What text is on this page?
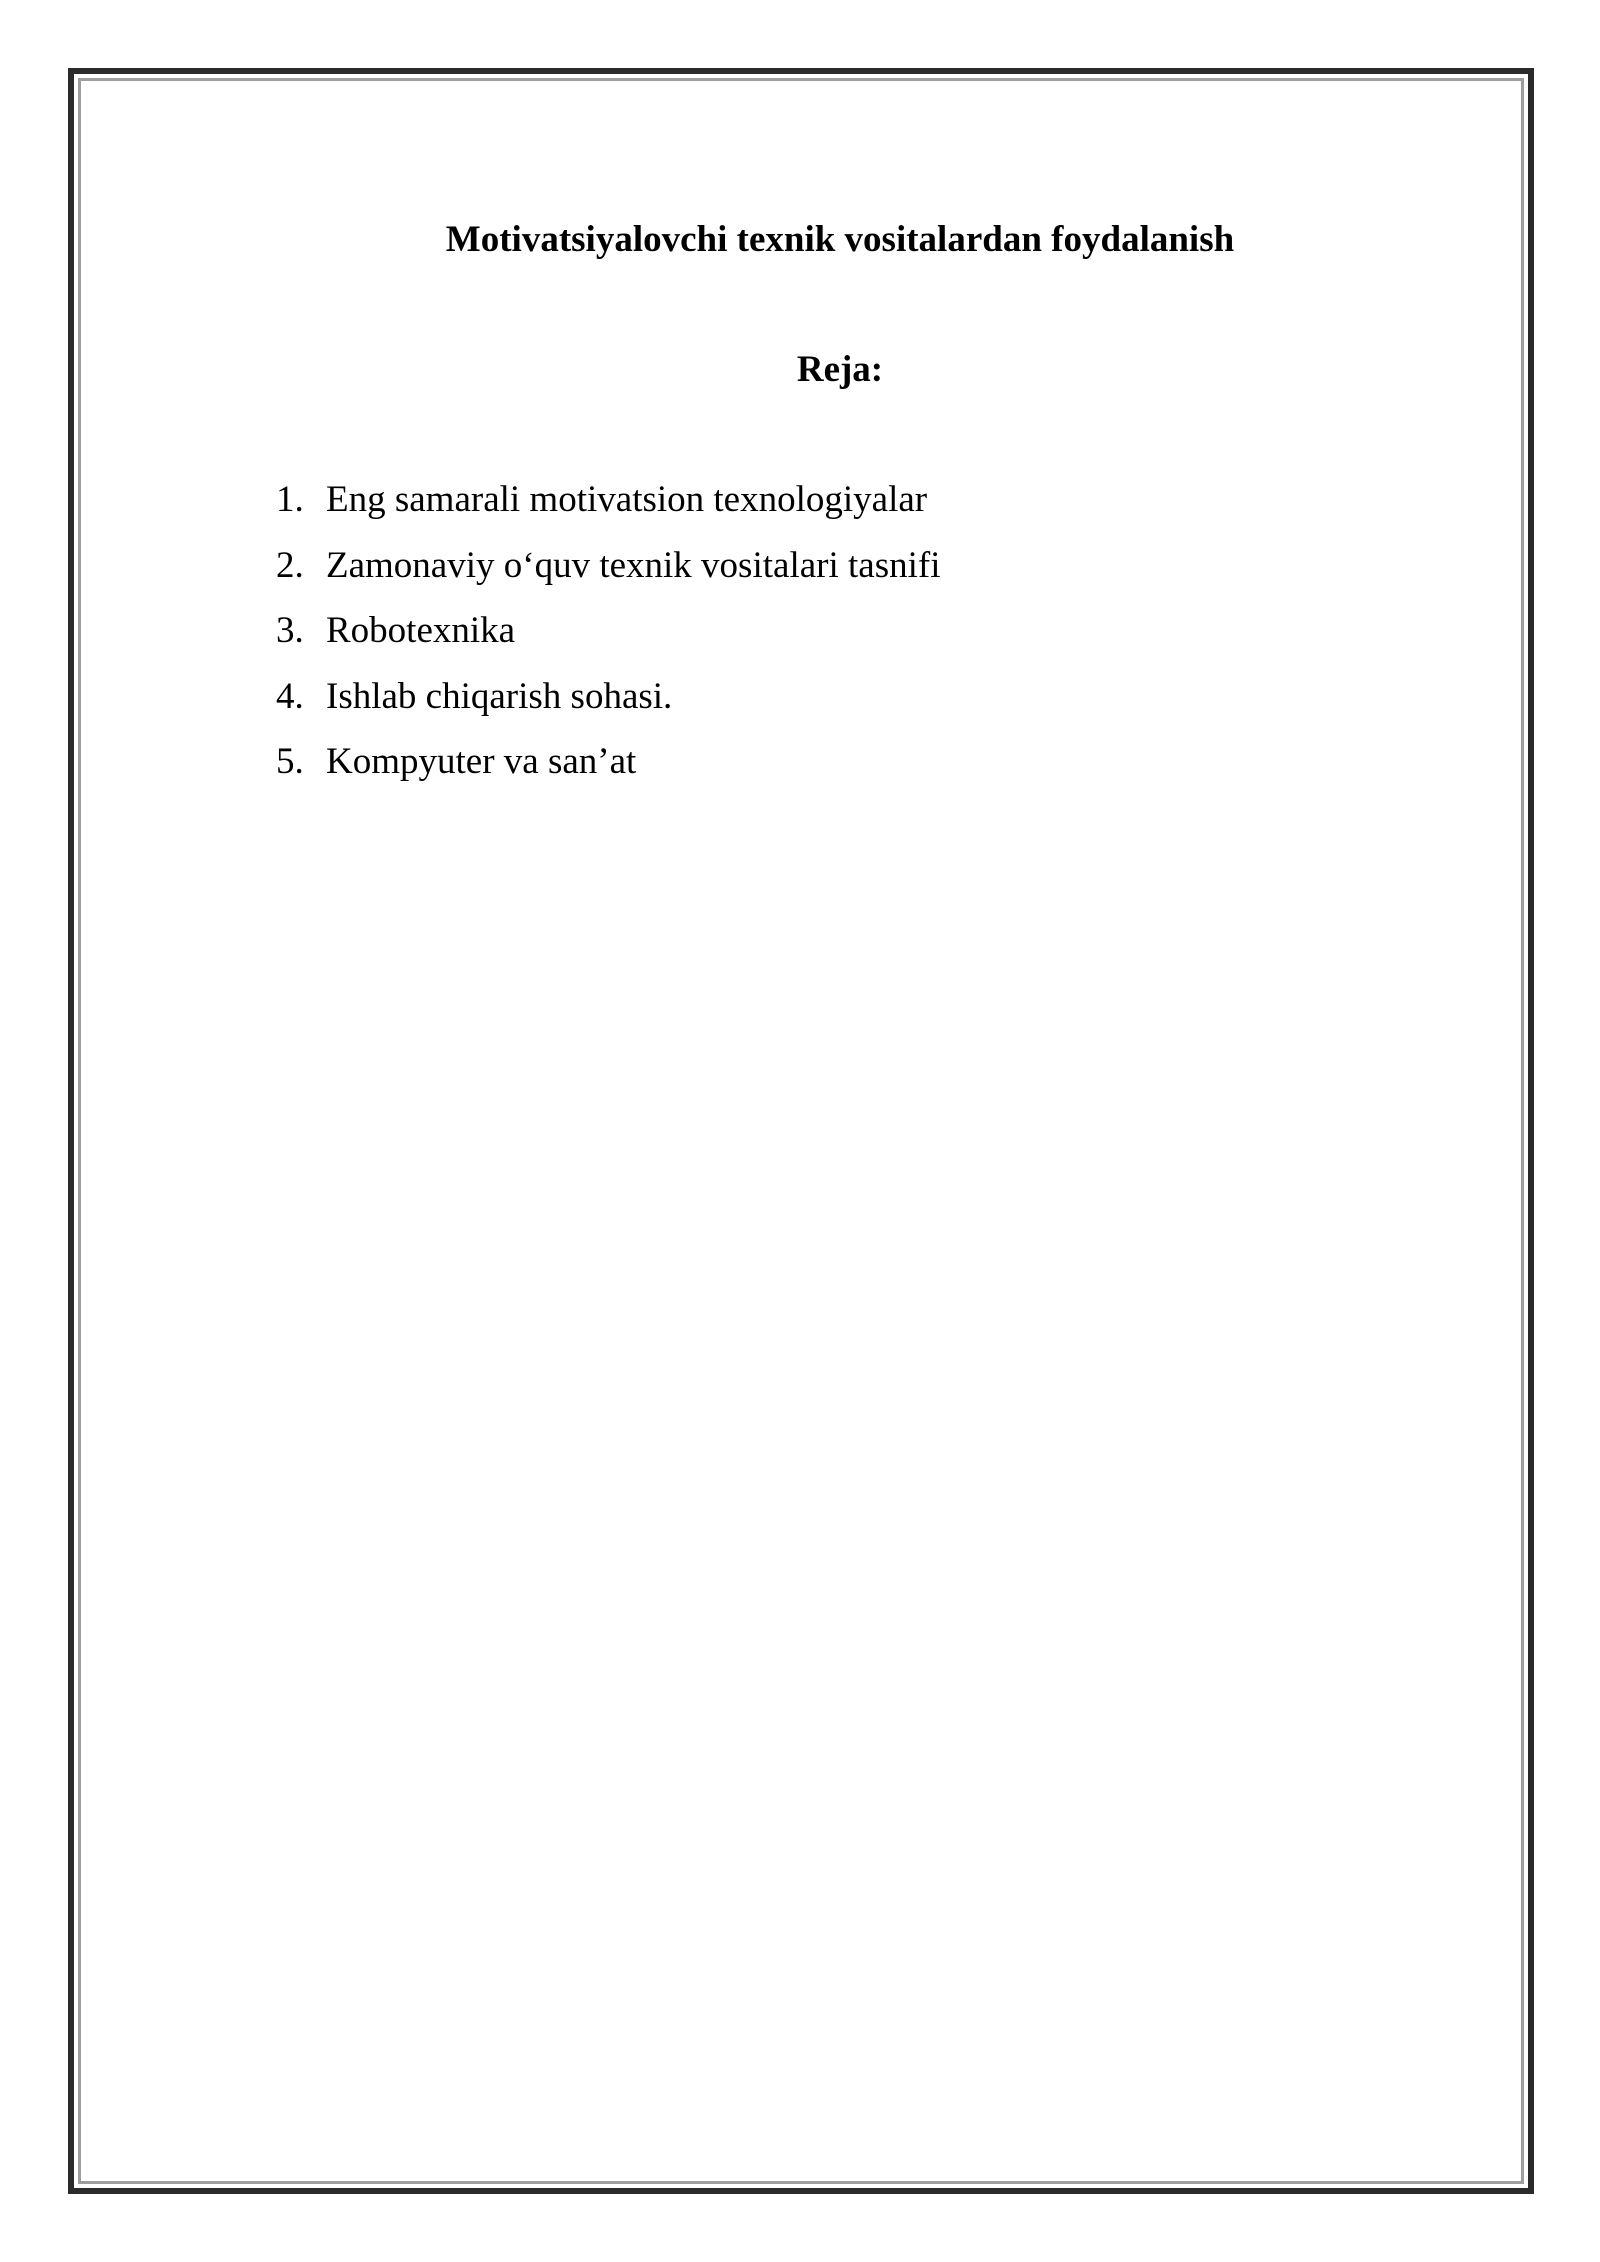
Motivatsiyalovchi texnik vositalardan foydalanish
Reja:
1. Eng samarali motivatsion texnologiyalar
2. Zamonaviy o‘quv texnik vositalari tasnifi
3. Robotexnika
4. Ishlab chiqarish sohasi.
5. Kompyuter va san’at
